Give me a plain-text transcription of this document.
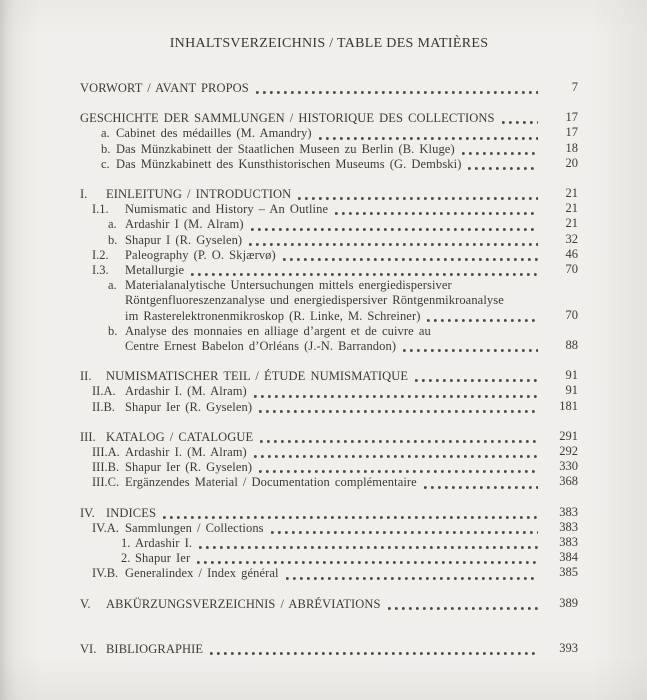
INHALTSVERZEICHNIS / TABLE DES MATIÈRES
VORWORT / AVANT PROPOS	7
GESCHICHTE DER SAMMLUNGEN / HISTORIQUE DES COLLECTIONS	17
a. Cabinet des médailles (M. Amandry)	17
b. Das Münzkabinett der Staatlichen Museen zu Berlin (B. Kluge)	18
c. Das Münzkabinett des Kunsthistorischen Museums (G. Dembski)	20
I.	EINLEITUNG / INTRODUCTION	21
I.1.	Numismatic and History – An Outline	21
a. Ardashir I (M. Alram)	21
b. Shapur I (R. Gyselen)	32
I.2.	Paleography (P. O. Skjærvø)	46
I.3.	Metallurgie	70
a. Materialanalytische Untersuchungen mittels energiedispersiver
Röntgenfluoreszenzanalyse und energiedispersiver Röntgenmikroanalyse
im Rasterelektronenmikroskop (R. Linke, M. Schreiner)	70
b. Analyse des monnaies en alliage d’argent et de cuivre au
Centre Ernest Babelon d’Orléans (J.-N. Barrandon)	88
II.	NUMISMATISCHER TEIL / ÉTUDE NUMISMATIQUE	91
II.A. Ardashir I. (M. Alram)	91
II.B. Shapur Ier (R. Gyselen)	181
III. KATALOG / CATALOGUE	291
III.A. Ardashir I. (M. Alram)	292
III.B. Shapur Ier (R. Gyselen)	330
III.C. Ergänzendes Material / Documentation complémentaire	368
IV. INDICES	383
IV.A. Sammlungen / Collections	383
1. Ardashir I.	383
2. Shapur Ier	384
IV.B. Generalindex / Index général	385
V.	ABKÜRZUNGSVERZEICHNIS / ABRÉVIATIONS	389
VI. BIBLIOGRAPHIE	393
